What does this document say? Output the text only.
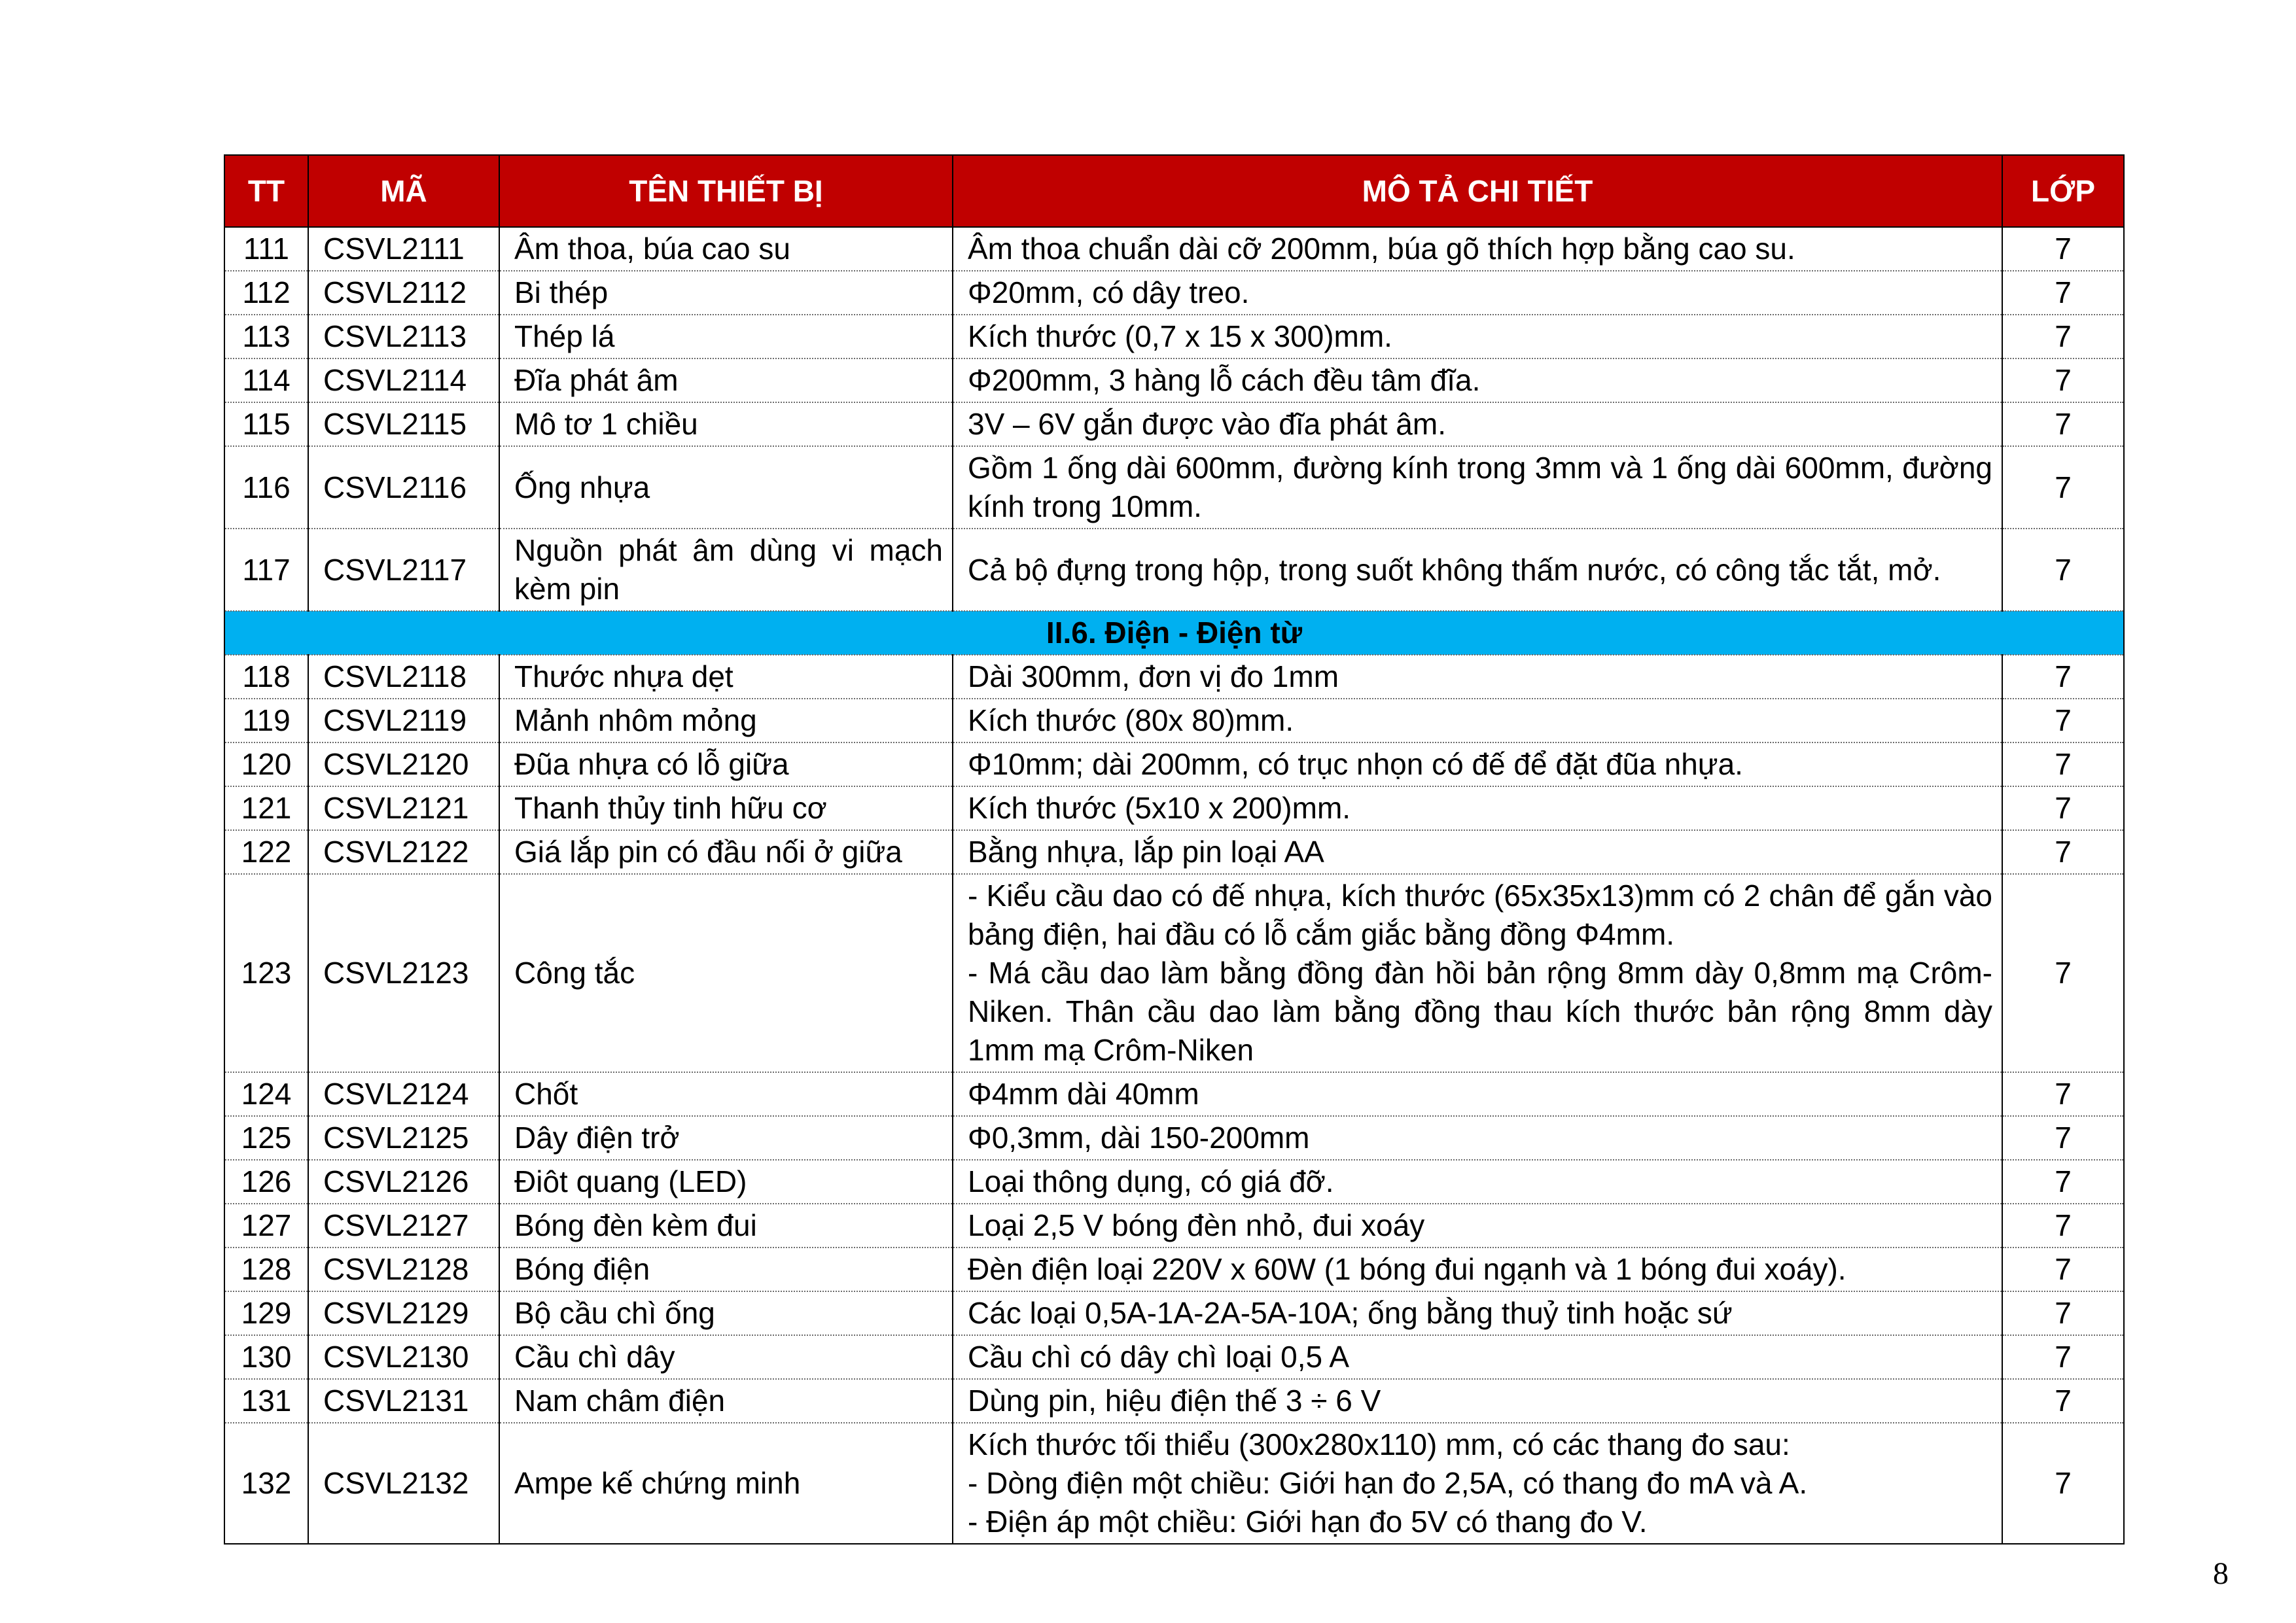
TT	MÃ	TÊN THIẾT BỊ	MÔ TẢ CHI TIẾT	LỚP
111	CSVL2111	Âm thoa, búa cao su	Âm thoa chuẩn dài cỡ 200mm, búa gõ thích hợp bằng cao su.	7
112	CSVL2112	Bi thép	Φ20mm, có dây treo.	7
113	CSVL2113	Thép lá	Kích thước (0,7 x 15 x 300)mm.	7
114	CSVL2114	Đĩa phát âm	Φ200mm, 3 hàng lỗ cách đều tâm đĩa.	7
115	CSVL2115	Mô tơ 1 chiều	3V – 6V gắn được vào đĩa phát âm.	7
116	CSVL2116	Ống nhựa	Gồm 1 ống dài 600mm, đường kính trong 3mm và 1 ống dài 600mm, đường kính trong 10mm.	7
117	CSVL2117	Nguồn phát âm dùng vi mạch kèm pin	Cả bộ đựng trong hộp, trong suốt không thấm nước, có công tắc tắt, mở.	7
II.6. Điện - Điện từ				
118	CSVL2118	Thước nhựa dẹt	Dài 300mm, đơn vị đo 1mm	7
119	CSVL2119	Mảnh nhôm mỏng	Kích thước (80x 80)mm.	7
120	CSVL2120	Đũa nhựa có lỗ giữa	Φ10mm; dài 200mm, có trục nhọn có đế để đặt đũa nhựa.	7
121	CSVL2121	Thanh thủy tinh hữu cơ	Kích thước (5x10 x 200)mm.	7
122	CSVL2122	Giá lắp pin có đầu nối ở giữa	Bằng nhựa, lắp pin loại AA	7
123	CSVL2123	Công tắc	- Kiểu cầu dao có đế nhựa, kích thước (65x35x13)mm có 2 chân để gắn vào bảng điện, hai đầu có lỗ cắm giắc bằng đồng Φ4mm.
- Má cầu dao làm bằng đồng đàn hồi bản rộng 8mm dày 0,8mm mạ Crôm-Niken. Thân cầu dao làm bằng đồng thau kích thước bản rộng 8mm dày 1mm mạ Crôm-Niken	7
124	CSVL2124	Chốt	Φ4mm dài 40mm	7
125	CSVL2125	Dây điện trở	Φ0,3mm, dài 150-200mm	7
126	CSVL2126	Điôt quang (LED)	Loại thông dụng, có giá đỡ.	7
127	CSVL2127	Bóng đèn kèm đui	Loại 2,5 V bóng đèn nhỏ, đui xoáy	7
128	CSVL2128	Bóng điện	Đèn điện loại 220V x 60W (1 bóng đui ngạnh và 1 bóng đui xoáy).	7
129	CSVL2129	Bộ cầu chì ống	Các loại 0,5A-1A-2A-5A-10A; ống bằng thuỷ tinh hoặc sứ	7
130	CSVL2130	Cầu chì dây	Cầu chì có dây chì loại 0,5 A	7
131	CSVL2131	Nam châm điện	Dùng pin, hiệu điện thế 3 ÷ 6 V	7
132	CSVL2132	Ampe kế chứng minh	Kích thước tối thiểu (300x280x110) mm, có các thang đo sau:
- Dòng điện một chiều: Giới hạn đo 2,5A, có thang đo mA và A.
- Điện áp một chiều: Giới hạn đo 5V có thang đo V.	7
8
